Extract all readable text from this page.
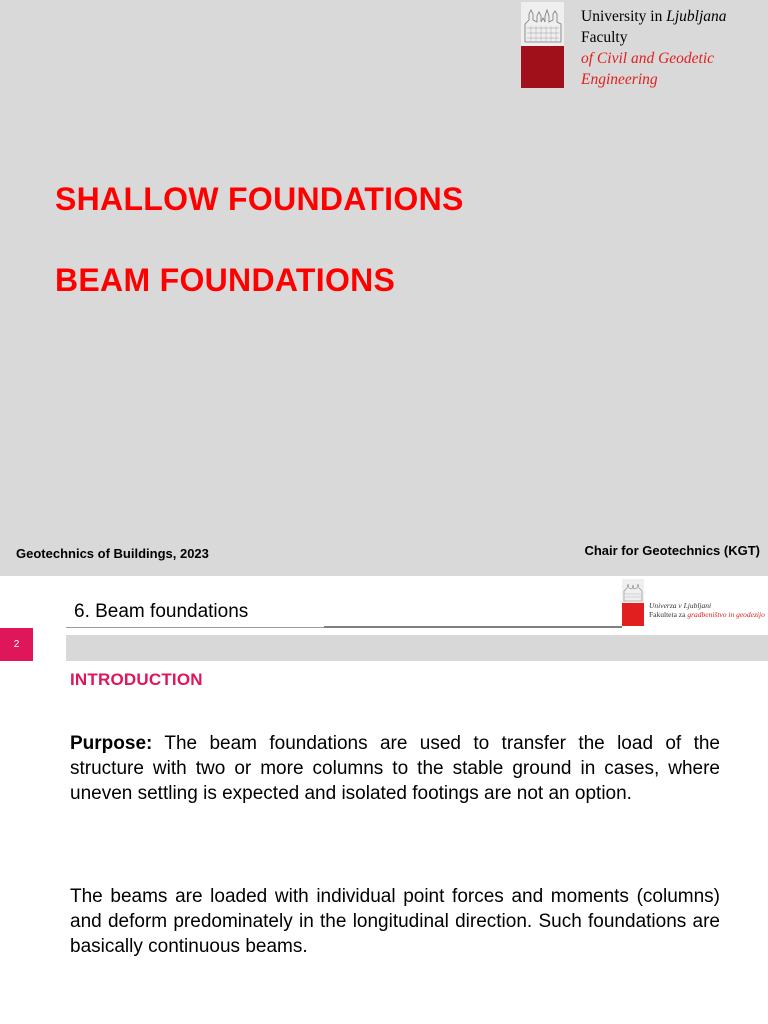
University in Ljubljana
Faculty
of Civil and Geodetic
Engineering
SHALLOW FOUNDATIONS
BEAM FOUNDATIONS
Geotechnics of Buildings, 2023	Chair for Geotechnics (KGT)
6. Beam foundations	Univerza v Ljubljani
Fakulteta za gradbeništvo in geodezijo
2
INTRODUCTION
Purpose: The beam foundations are used to transfer the load of the structure with two or more columns to the stable ground in cases, where uneven settling is expected and isolated footings are not an option.
The beams are loaded with individual point forces and moments (columns) and deform predominately in the longitudinal direction. Such foundations are basically continuous beams.
